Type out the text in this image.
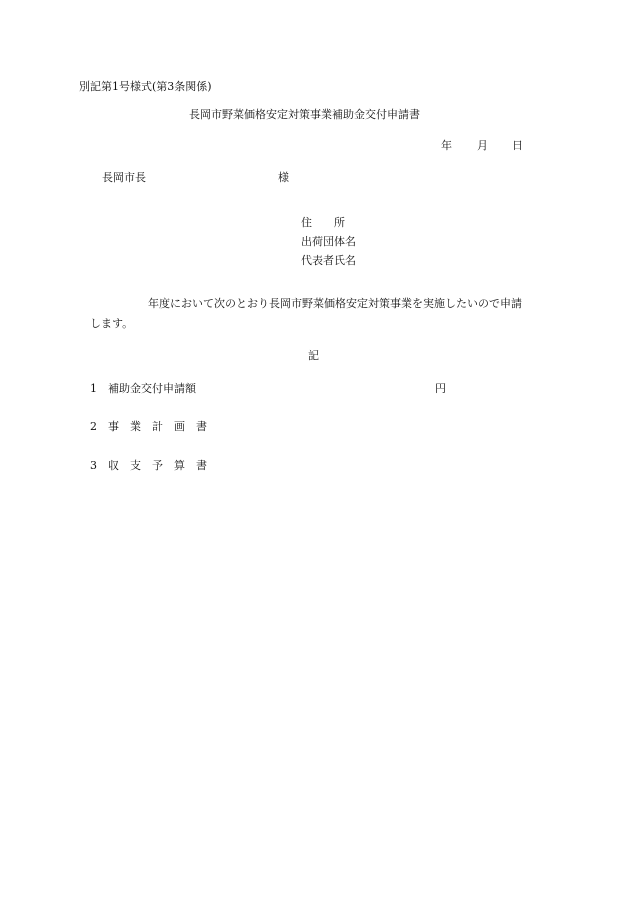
別記第1号様式(第3条関係)
長岡市野菜価格安定対策事業補助金交付申請書
年 月 日
長岡市長	様
住　　所
出荷団体名
代表者氏名
年度において次のとおり長岡市野菜価格安定対策事業を実施したいので申請
します。
記
1 補助金交付申請額	円
2 事業計画書
3 収支予算書
